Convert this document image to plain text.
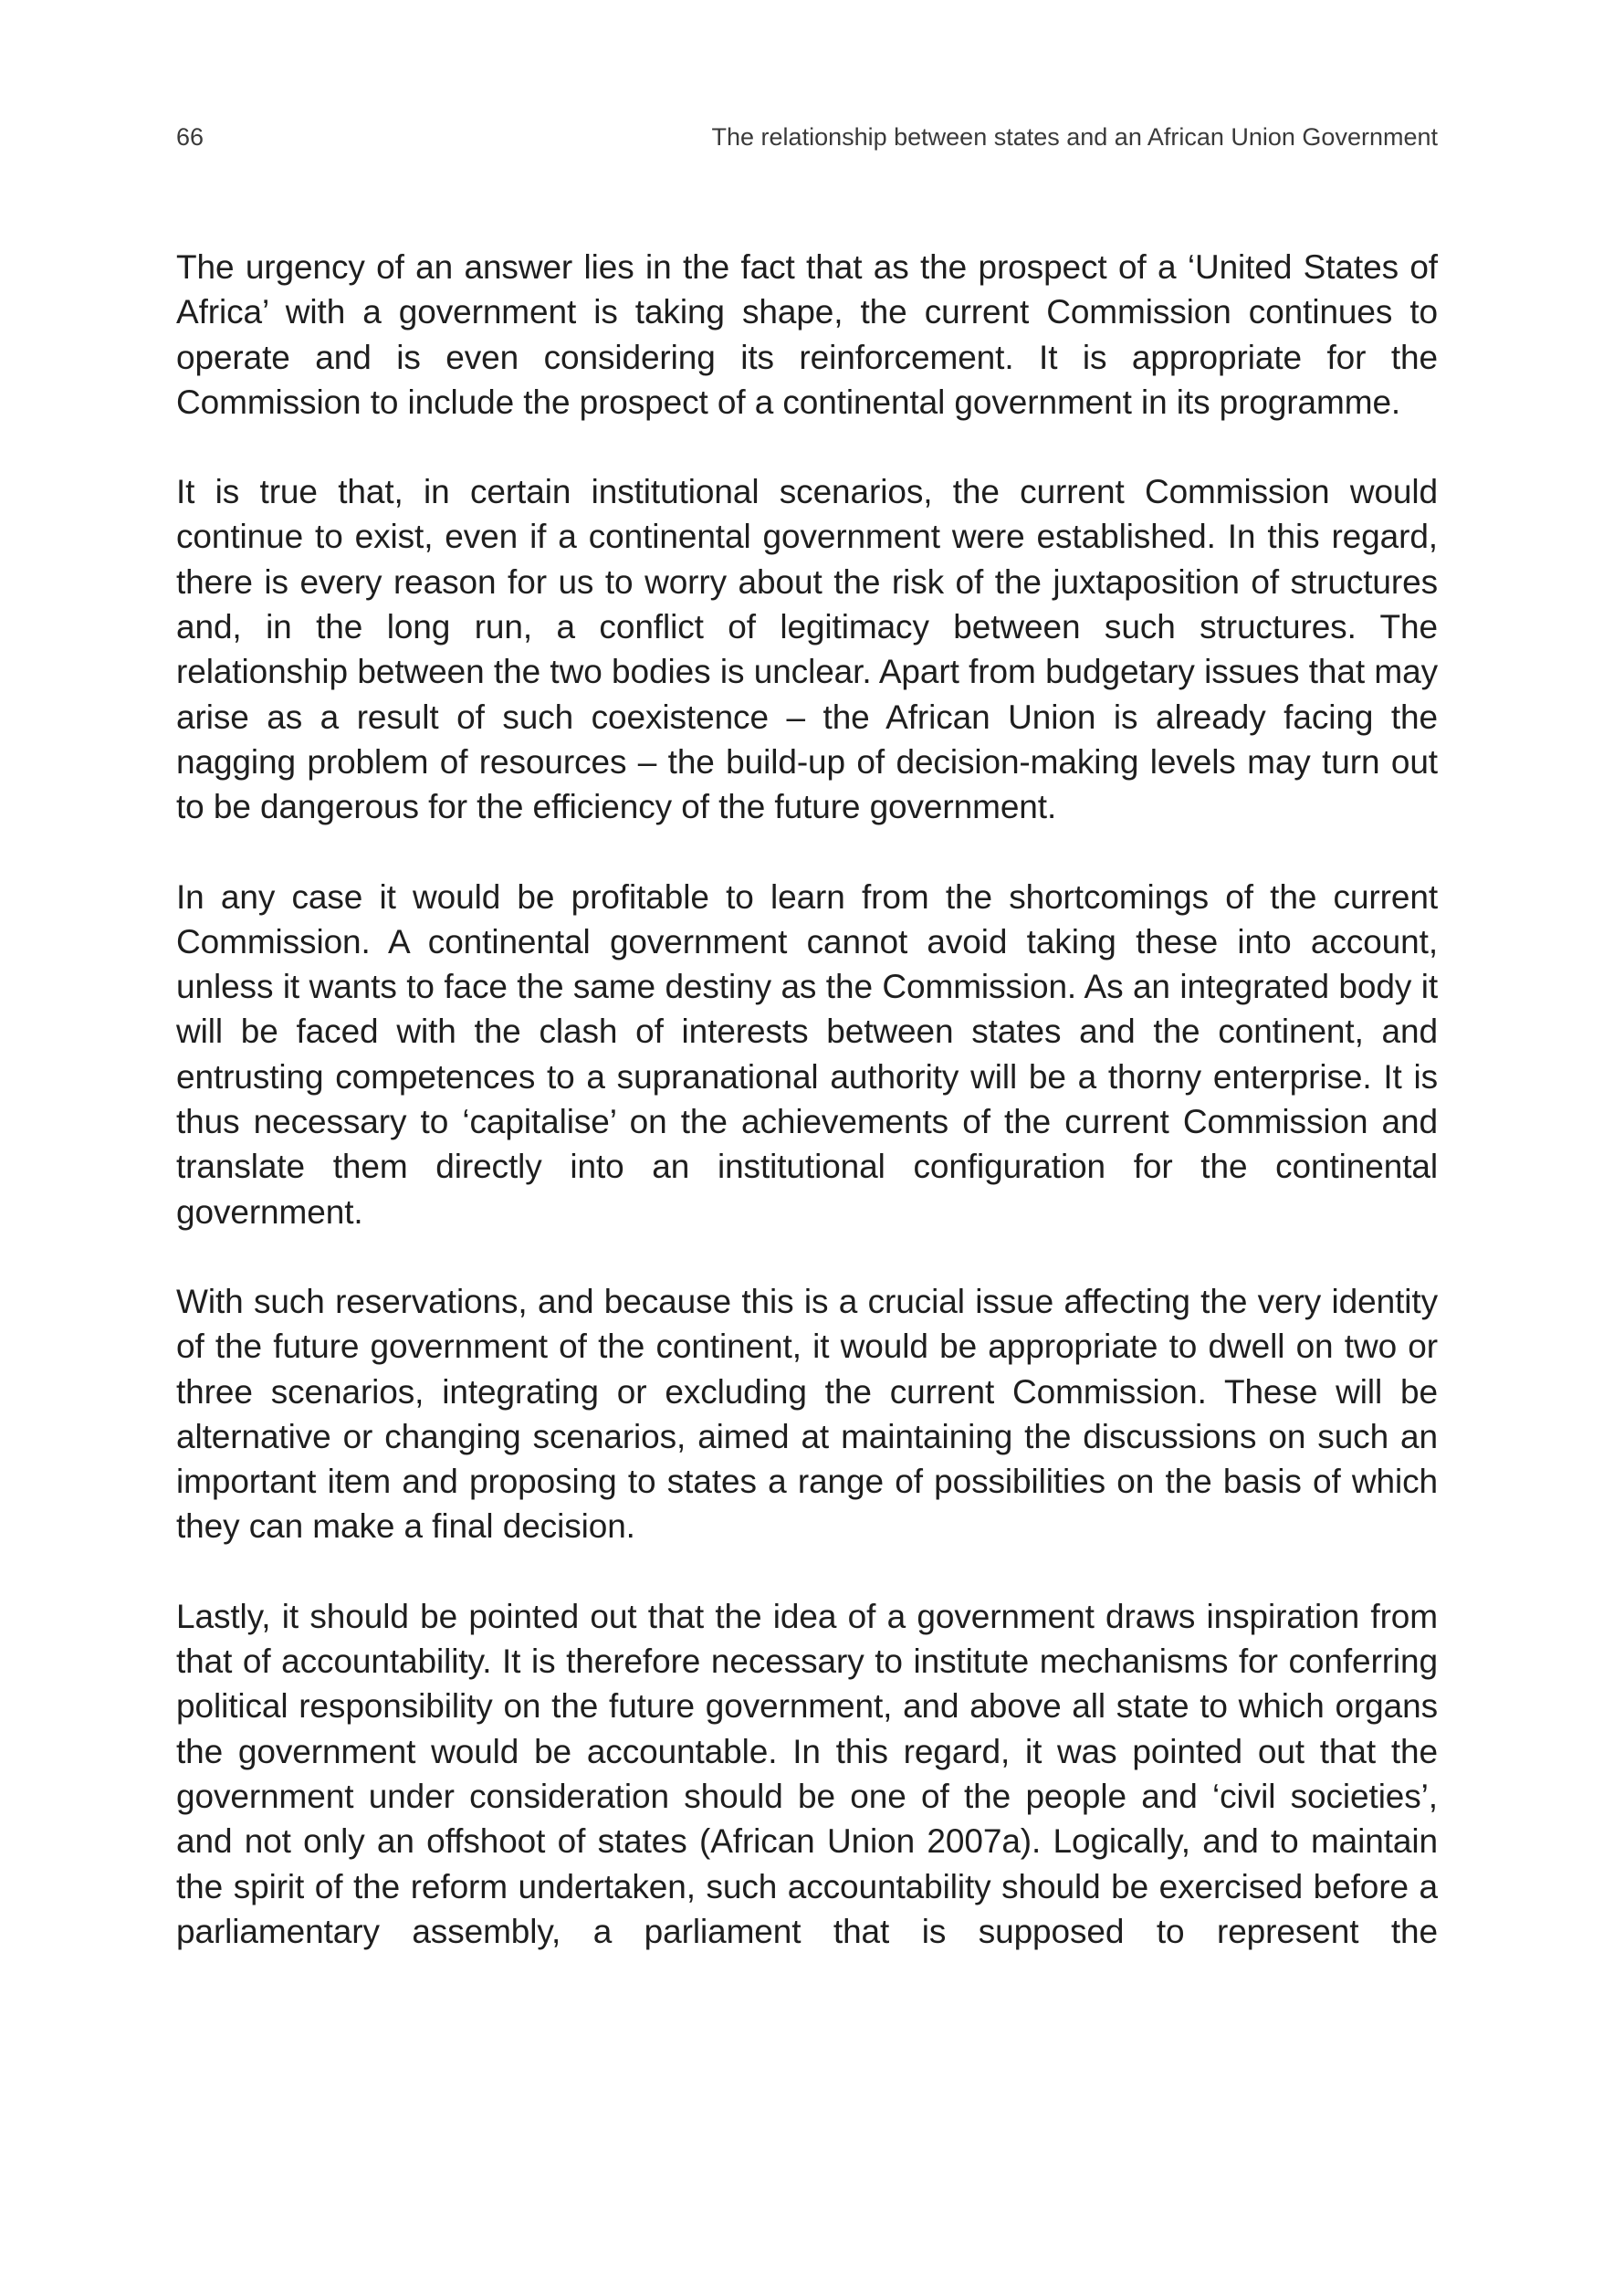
66	The relationship between states and an African Union Government

The urgency of an answer lies in the fact that as the prospect of a ‘United States of Africa’ with a government is taking shape, the current Commission continues to operate and is even considering its reinforcement. It is appropriate for the Commission to include the prospect of a continental government in its programme.

It is true that, in certain institutional scenarios, the current Commission would continue to exist, even if a continental government were established. In this regard, there is every reason for us to worry about the risk of the juxtaposition of structures and, in the long run, a conflict of legitimacy between such structures. The relationship between the two bodies is unclear. Apart from budgetary issues that may arise as a result of such coexistence – the African Union is already facing the nagging problem of resources – the build-up of decision-making levels may turn out to be dangerous for the efficiency of the future government.

In any case it would be profitable to learn from the shortcomings of the current Commission. A continental government cannot avoid taking these into account, unless it wants to face the same destiny as the Commission. As an integrated body it will be faced with the clash of interests between states and the continent, and entrusting competences to a supranational authority will be a thorny enterprise. It is thus necessary to ‘capitalise’ on the achievements of the current Commission and translate them directly into an institutional configuration for the continental government.

With such reservations, and because this is a crucial issue affecting the very identity of the future government of the continent, it would be appropriate to dwell on two or three scenarios, integrating or excluding the current Commission. These will be alternative or changing scenarios, aimed at maintaining the discussions on such an important item and proposing to states a range of possibilities on the basis of which they can make a final decision.

Lastly, it should be pointed out that the idea of a government draws inspiration from that of accountability. It is therefore necessary to institute mechanisms for conferring political responsibility on the future government, and above all state to which organs the government would be accountable. In this regard, it was pointed out that the government under consideration should be one of the people and ‘civil societies’, and not only an offshoot of states (African Union 2007a). Logically, and to maintain the spirit of the reform undertaken, such accountability should be exercised before a parliamentary assembly, a parliament that is supposed to represent the
